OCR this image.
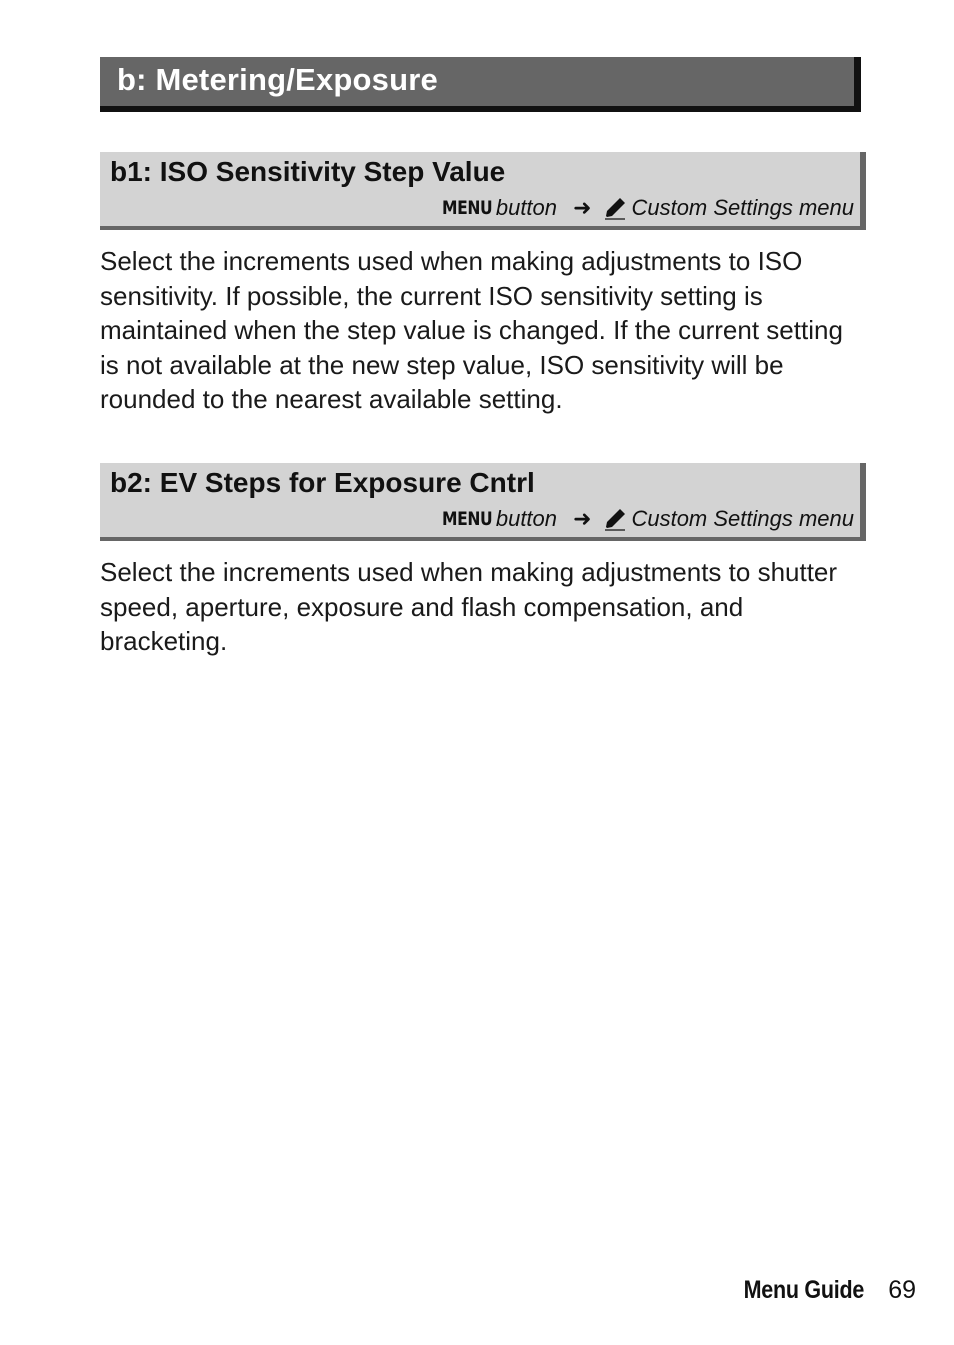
b: Metering/Exposure
b1: ISO Sensitivity Step Value
MENU button ➜ Custom Settings menu

Select the increments used when making adjustments to ISO sensitivity. If possible, the current ISO sensitivity setting is maintained when the step value is changed. If the current setting is not available at the new step value, ISO sensitivity will be rounded to the nearest available setting.

b2: EV Steps for Exposure Cntrl
MENU button ➜ Custom Settings menu

Select the increments used when making adjustments to shutter speed, aperture, exposure and flash compensation, and bracketing.

Menu Guide 69
